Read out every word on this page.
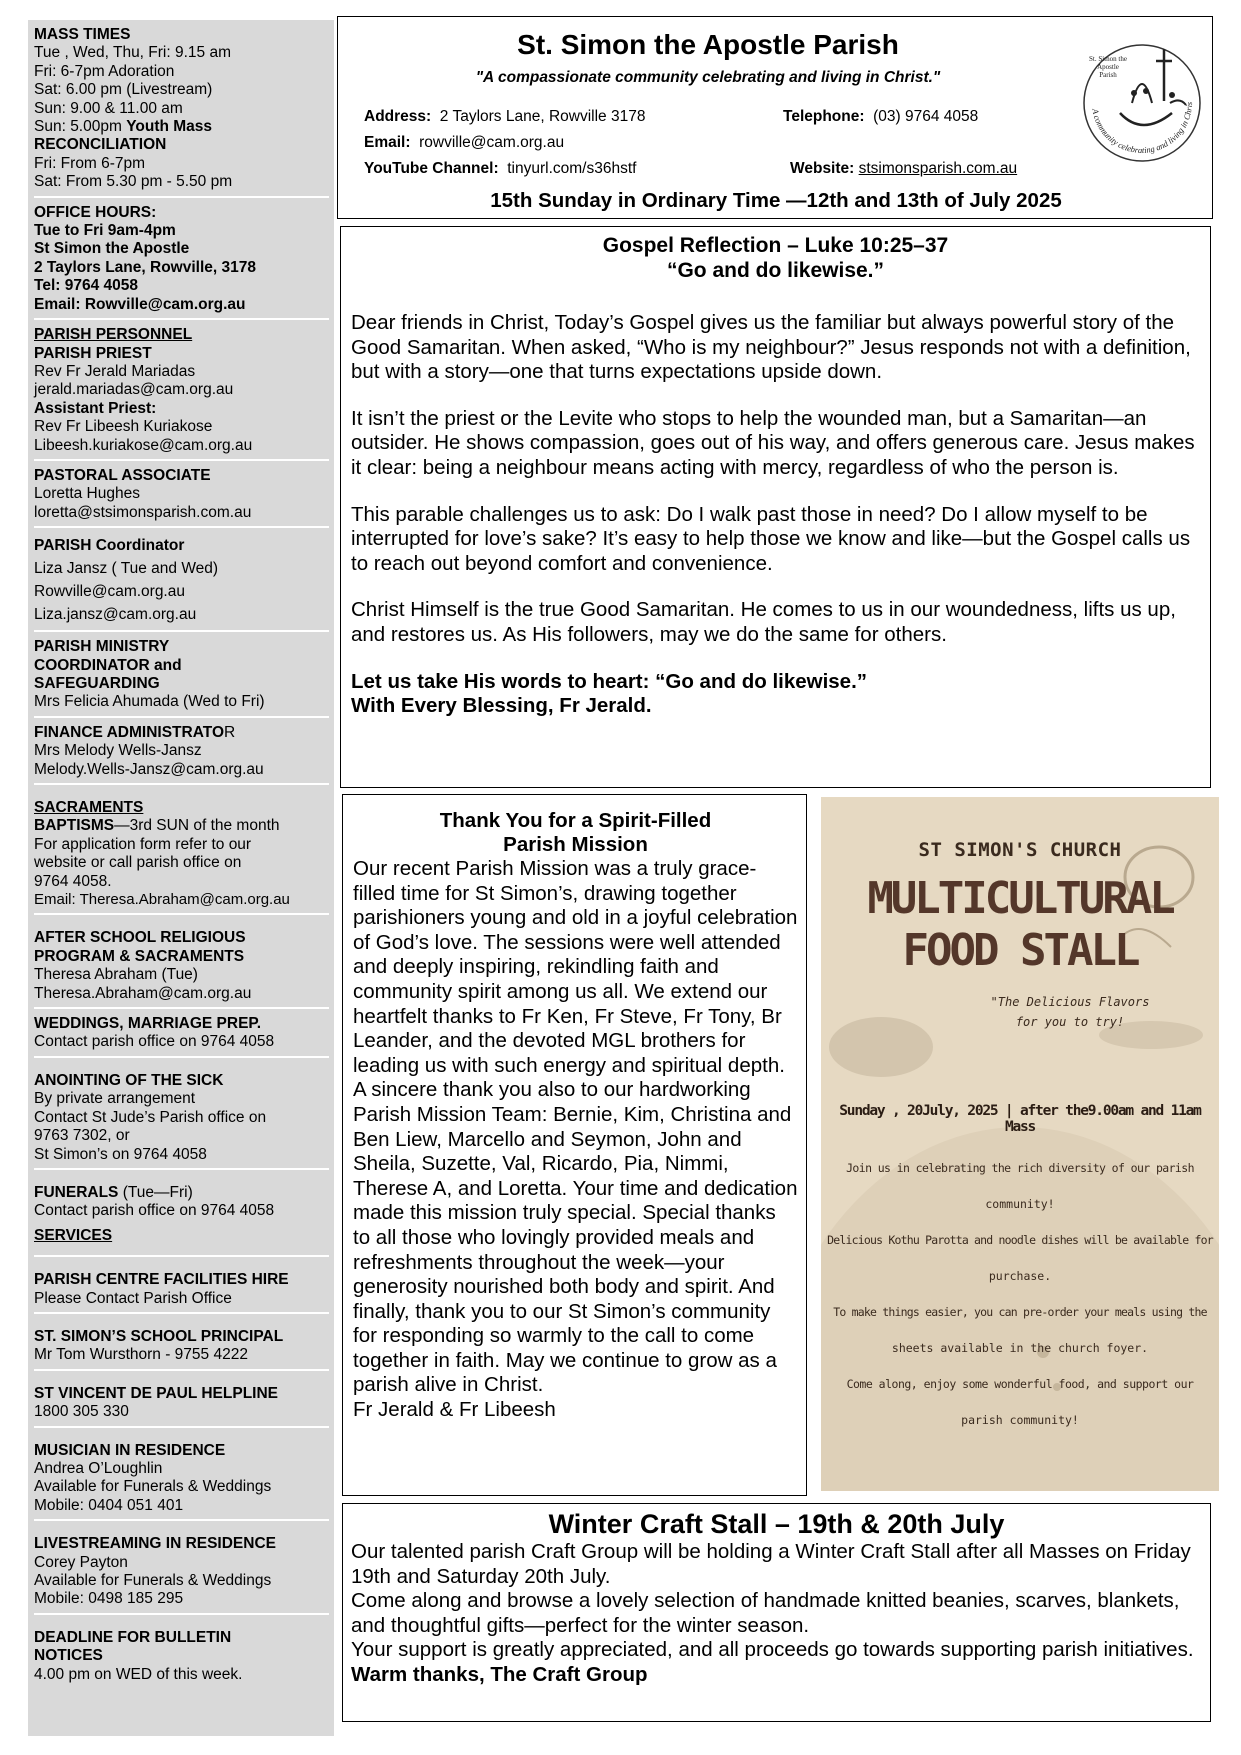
MASS TIMES
Tue , Wed, Thu, Fri: 9.15 am
Fri: 6-7pm Adoration
Sat: 6.00 pm (Livestream)
Sun: 9.00 & 11.00 am
Sun: 5.00pm Youth Mass
RECONCILIATION
Fri: From 6-7pm
Sat: From 5.30 pm - 5.50 pm
OFFICE HOURS:
Tue to Fri 9am-4pm
St Simon the Apostle
2 Taylors Lane, Rowville, 3178
Tel: 9764 4058
Email: Rowville@cam.org.au
PARISH PERSONNEL
PARISH PRIEST
Rev Fr Jerald Mariadas
jerald.mariadas@cam.org.au
Assistant Priest:
Rev Fr Libeesh Kuriakose
Libeesh.kuriakose@cam.org.au
PASTORAL ASSOCIATE
Loretta Hughes
loretta@stsimonsparish.com.au
PARISH Coordinator
Liza Jansz ( Tue and Wed)
Rowville@cam.org.au
Liza.jansz@cam.org.au
PARISH MINISTRY
COORDINATOR and
SAFEGUARDING
Mrs Felicia Ahumada (Wed to Fri)
FINANCE ADMINISTRATOR
Mrs Melody Wells-Jansz
Melody.Wells-Jansz@cam.org.au
SACRAMENTS
BAPTISMS—3rd SUN of the month
For application form refer to our
website or call parish office on
9764 4058.
Email: Theresa.Abraham@cam.org.au
AFTER SCHOOL RELIGIOUS
PROGRAM & SACRAMENTS
Theresa Abraham (Tue)
Theresa.Abraham@cam.org.au
WEDDINGS, MARRIAGE PREP.
Contact parish office on 9764 4058
ANOINTING OF THE SICK
By private arrangement
Contact St Jude’s Parish office on
9763 7302, or
St Simon’s on 9764 4058
FUNERALS (Tue—Fri)
Contact parish office on 9764 4058
SERVICES
PARISH CENTRE FACILITIES HIRE
Please Contact Parish Office
ST. SIMON’S SCHOOL PRINCIPAL
Mr Tom Wursthorn - 9755 4222
ST VINCENT DE PAUL HELPLINE
1800 305 330
MUSICIAN IN RESIDENCE
Andrea O’Loughlin
Available for Funerals & Weddings
Mobile: 0404 051 401
LIVESTREAMING IN RESIDENCE
Corey Payton
Available for Funerals & Weddings
Mobile: 0498 185 295
DEADLINE FOR BULLETIN
NOTICES
4.00 pm on WED of this week.
St. Simon the Apostle Parish
"A compassionate community celebrating and living in Christ."
Address:  2 Taylors Lane, Rowville 3178	Telephone:  (03) 9764 4058
Email:  rowville@cam.org.au
YouTube Channel:  tinyurl.com/s36hstf	Website: stsimonsparish.com.au
15th Sunday in Ordinary Time —12th and 13th of July 2025
A community celebrating and living in Chris
St. Simon the Apostle Parish
Gospel Reflection – Luke 10:25–37
“Go and do likewise.”

Dear friends in Christ, Today’s Gospel gives us the familiar but always powerful story of the Good Samaritan. When asked, “Who is my neighbour?” Jesus responds not with a definition, but with a story—one that turns expectations upside down.

It isn’t the priest or the Levite who stops to help the wounded man, but a Samaritan—an outsider. He shows compassion, goes out of his way, and offers generous care. Jesus makes it clear: being a neighbour means acting with mercy, regardless of who the person is.

This parable challenges us to ask: Do I walk past those in need? Do I allow myself to be interrupted for love’s sake? It’s easy to help those we know and like—but the Gospel calls us to reach out beyond comfort and convenience.

Christ Himself is the true Good Samaritan. He comes to us in our woundedness, lifts us up, and restores us. As His followers, may we do the same for others.

Let us take His words to heart: “Go and do likewise.”
With Every Blessing, Fr Jerald.
Thank You for a Spirit-Filled
Parish Mission

Our recent Parish Mission was a truly grace-filled time for St Simon’s, drawing together parishioners young and old in a joyful celebration of God’s love. The sessions were well attended and deeply inspiring, rekindling faith and community spirit among us all. We extend our heartfelt thanks to Fr Ken, Fr Steve, Fr Tony, Br Leander, and the devoted MGL brothers for leading us with such energy and spiritual depth. A sincere thank you also to our hardworking Parish Mission Team: Bernie, Kim, Christina and Ben Liew, Marcello and Seymon, John and Sheila, Suzette, Val, Ricardo, Pia, Nimmi, Therese A, and Loretta. Your time and dedication made this mission truly special. Special thanks to all those who lovingly provided meals and refreshments throughout the week—your generosity nourished both body and spirit. And finally, thank you to our St Simon’s community for responding so warmly to the call to come together in faith. May we continue to grow as a parish alive in Christ.

Fr Jerald & Fr Libeesh

ST SIMON'S CHURCH
MULTICULTURAL
FOOD STALL
"The Delicious Flavors
for you to try!
Sunday , 20July, 2025 | after the9.00am and 11am Mass
Join us in celebrating the rich diversity of our parish
community!
Delicious Kothu Parotta and noodle dishes will be available for
purchase.
To make things easier, you can pre-order your meals using the
sheets available in the church foyer.
Come along, enjoy some wonderful food, and support our
parish community!
Winter Craft Stall – 19th & 20th July

Our talented parish Craft Group will be holding a Winter Craft Stall after all Masses on Friday 19th and Saturday 20th July.

Come along and browse a lovely selection of handmade knitted beanies, scarves, blankets, and thoughtful gifts—perfect for the winter season.

Your support is greatly appreciated, and all proceeds go towards supporting parish initiatives.

Warm thanks, The Craft Group
